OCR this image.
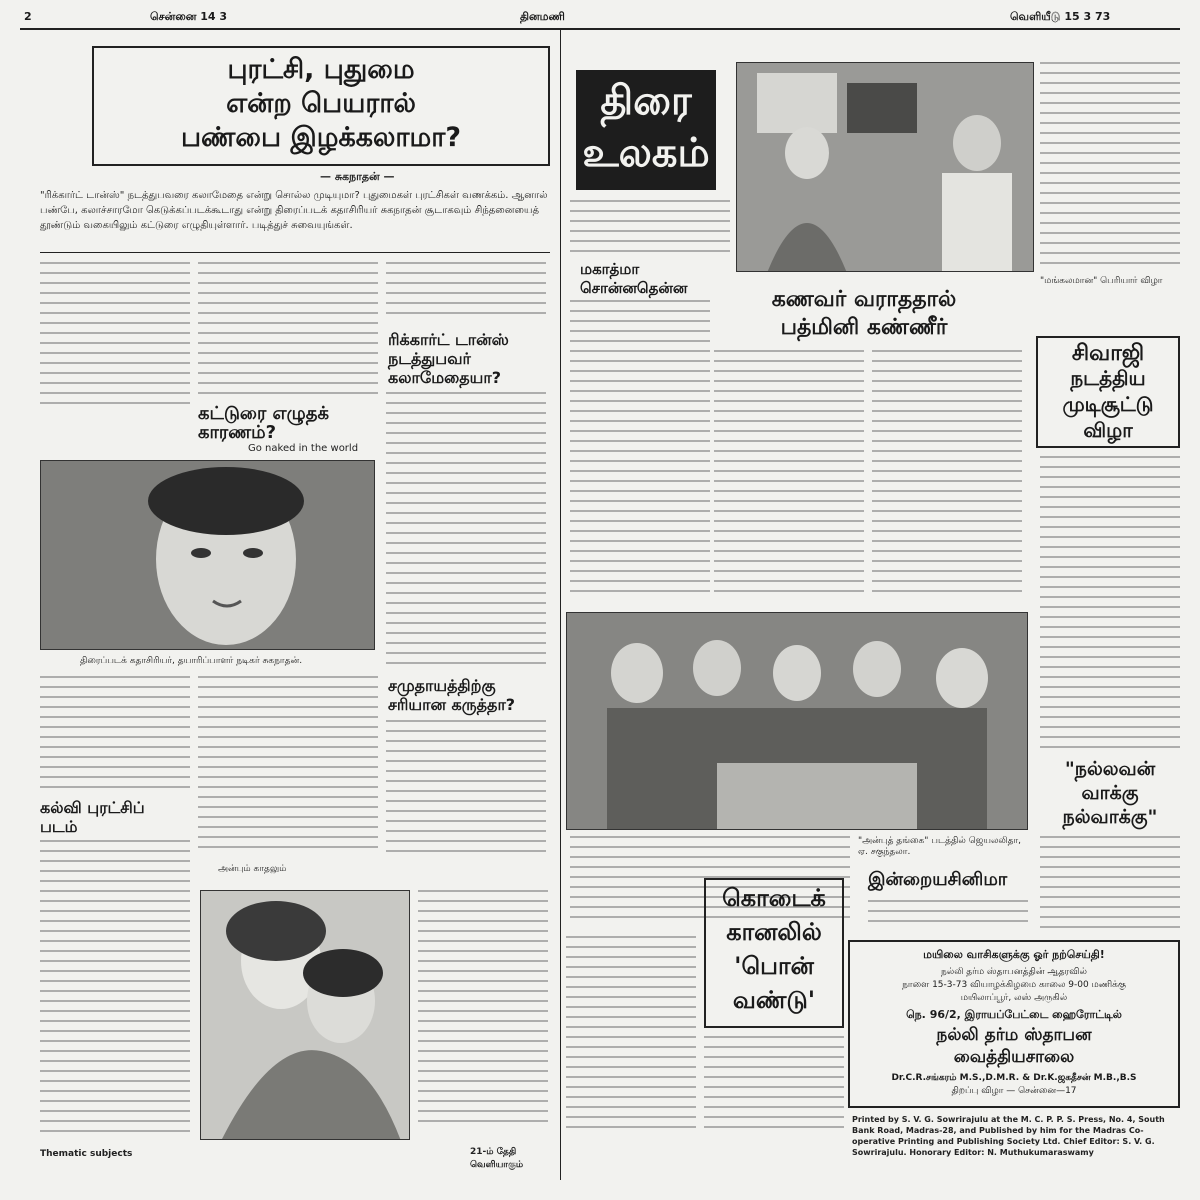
2	சென்னை 14 3	தினமணி	வெளியீடு 15 3 73
புரட்சி, புதுமை
என்ற பெயரால்
பண்பை இழக்கலாமா?
— சுகநாதன் —
"ரிக்கார்ட் டான்ஸ்" நடத்துபவரை கலாமேதை என்று சொல்ல முடியுமா? புதுமைகள் புரட்சிகள் வணக்கம். ஆனால் பண்பே, கலாச்சாரமோ கெடுக்கப்படக்கூடாது என்று திரைப்படக் கதாசிரியர் சுகநாதன் சூடாகவும் சிந்தனையைத் தூண்டும் வகையிலும் கட்டுரை எழுதியுள்ளார். படித்துச் சுவையுங்கள்.
கட்டுரை எழுதக் காரணம்?
Go naked in the world
ரிக்கார்ட் டான்ஸ் நடத்துபவர் கலாமேதையா?
திரைப்படக் கதாசிரியர், தயாரிப்பாளர் நடிகர் சுகநாதன்.
கல்வி புரட்சிப் படம்
Thematic subjects
சமுதாயத்திற்கு சரியான கருத்தா?
அன்பும் காதலும்
21-ம் தேதி வெளியாகும்
திரை
உலகம்
மகாத்மா சொன்னதென்ன	கணவர் வராததால்
பத்மினி கண்ணீர்
"மங்கலமான" பெரியார் விழா
சிவாஜி
நடத்திய
முடிசூட்டு
விழா
"அன்புத் தங்கை" படத்தில் ஜெயலலிதா, ஏ. சகுந்தலா.
இன்றையசினிமா
கொடைக்
கானலில்
'பொன்
வண்டு'
"நல்லவன்
வாக்கு
நல்வாக்கு"
மயிலை வாசிகளுக்கு ஓர் நற்செய்தி!
நல்லி தர்ம ஸ்தாபனத்தின் ஆதரவில்
நாளை 15-3-73 வியாழக்கிழமை காலை 9-00 மணிக்கு
மயிலாப்பூர், லஸ் அருகில்
நெ. 96/2, இராயப்பேட்டை ஹைரோட்டில்
நல்லி தர்ம ஸ்தாபன
வைத்தியசாலை
Dr.C.R.சங்கரம் M.S.,D.M.R. & Dr.K.ஜகதீசன் M.B.,B.S
திறப்பு விழா — சென்னை—17
Printed by S. V. G. Sowrirajulu at the M. C. P. P. S. Press, No. 4, South Bank Road, Madras-28, and Published by him for the Madras Co-operative Printing and Publishing Society Ltd. Chief Editor: S. V. G. Sowrirajulu. Honorary Editor: N. Muthukumaraswamy
